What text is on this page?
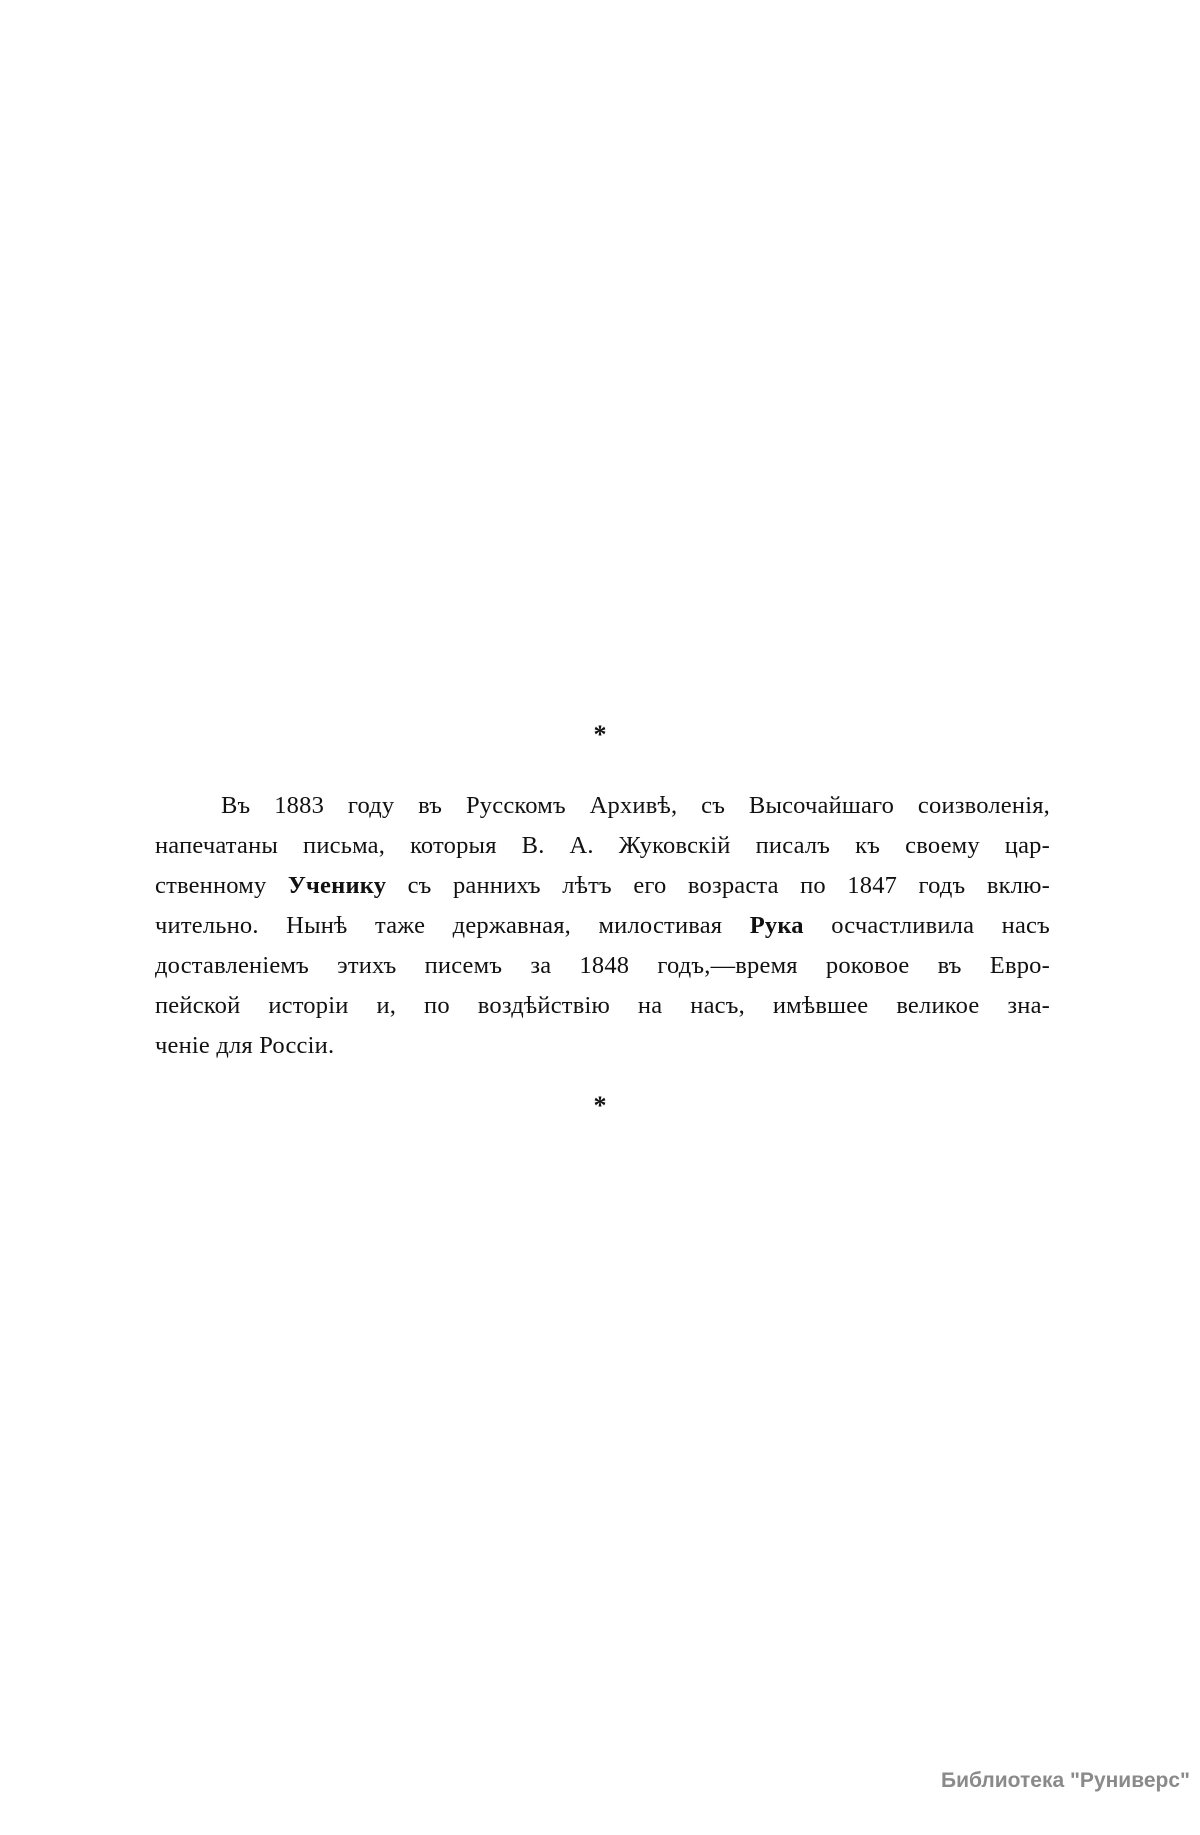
*
Въ 1883 году въ Русскомъ Архивѣ, съ Высочайшаго соизволенія,
напечатаны письма, которыя В. А. Жуковскій писалъ къ своему цар-
ственному Ученику съ раннихъ лѣтъ его возраста по 1847 годъ вклю-
чительно. Нынѣ таже державная, милостивая Рука осчастливила насъ
доставленіемъ этихъ писемъ за 1848 годъ,—время роковое въ Евро-
пейской исторіи и, по воздѣйствію на насъ, имѣвшее великое зна-
ченіе для Россіи.
*
Библиотека "Руниверс"
